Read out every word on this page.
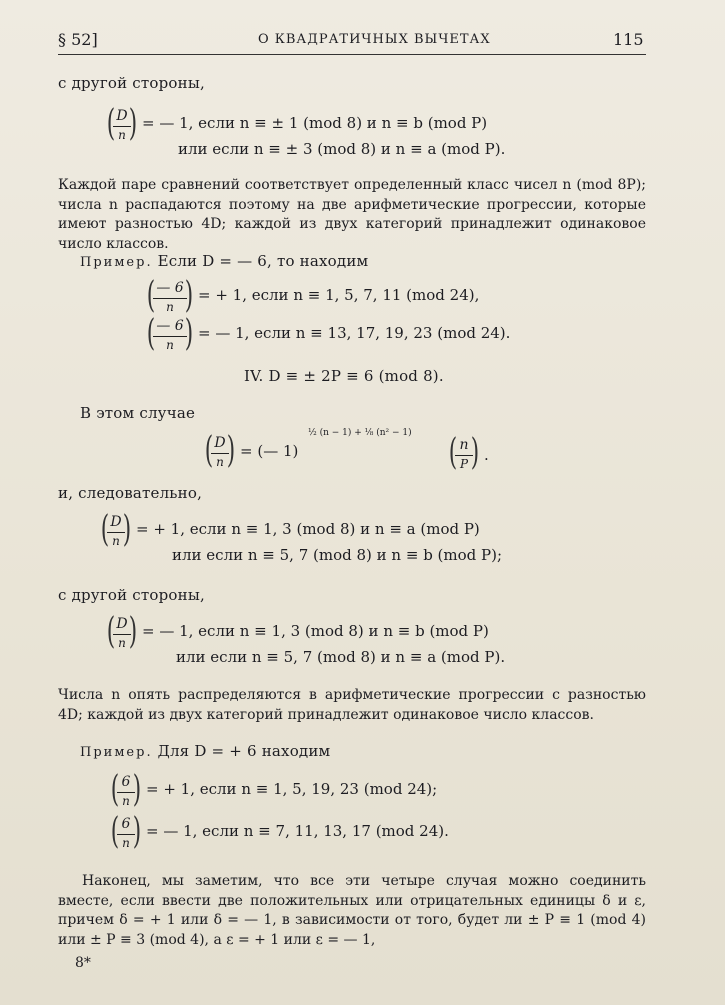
§ 52]	О КВАДРАТИЧНЫХ ВЫЧЕТАХ	115
с другой стороны,
( D
n ) = — 1, если n ≡ ± 1 (mod 8) и n ≡ b (mod P)
или если n ≡ ± 3 (mod 8) и n ≡ a (mod P).
Каждой паре сравнений соответствует определенный класс чисел n (mod 8P); числа n распадаются поэтому на две арифметические прогрессии, которые имеют разностью 4D; каждой из двух категорий принадлежит одинаковое число классов.
Пример. Если D = — 6, то находим
( — 6
n ) = + 1, если n ≡ 1, 5, 7, 11 (mod 24),
( — 6
n ) = — 1, если n ≡ 13, 17, 19, 23 (mod 24).
IV. D ≡ ± 2P ≡ 6 (mod 8).
В этом случае
( D
n ) = (— 1)
½ (n − 1) + ⅛ (n² − 1) ( n
P ) .
и, следовательно,
( D
n ) = + 1, если n ≡ 1, 3 (mod 8) и n ≡ a (mod P)
или если n ≡ 5, 7 (mod 8) и n ≡ b (mod P);
с другой стороны,
( D
n ) = — 1, если n ≡ 1, 3 (mod 8) и n ≡ b (mod P)
или если n ≡ 5, 7 (mod 8) и n ≡ a (mod P).
Числа n опять распределяются в арифметические прогрессии с разностью 4D; каждой из двух категорий принадлежит одинаковое число классов.
Пример. Для D = + 6 находим
( 6
n ) = + 1, если n ≡ 1, 5, 19, 23 (mod 24);
( 6
n ) = — 1, если n ≡ 7, 11, 13, 17 (mod 24).
Наконец, мы заметим, что все эти четыре случая можно соединить вместе, если ввести две положительных или отрицательных единицы δ и ε, причем δ = + 1 или δ = — 1, в зависимости от того, будет ли ± P ≡ 1 (mod 4) или ± P ≡ 3 (mod 4), а ε = + 1 или ε = — 1,
8*
